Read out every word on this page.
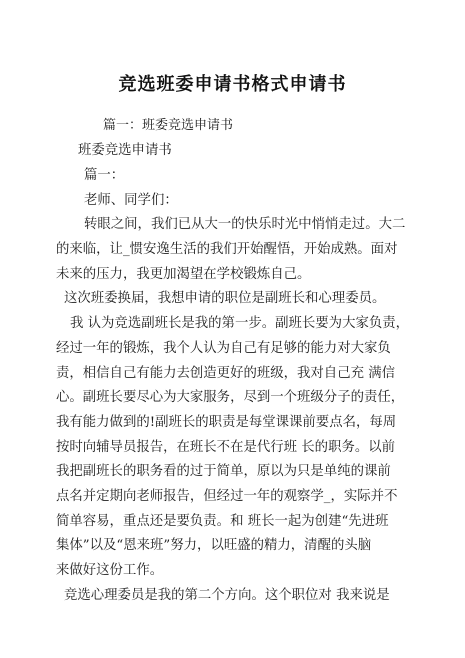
竞选班委申请书格式申请书
篇一：班委竞选申请书
班委竞选申请书
篇一：
老师、同学们：
转眼之间，我们已从大一的快乐时光中悄悄走过。大二
的来临，让_惯安逸生活的我们开始醒悟，开始成熟。面对
未来的压力，我更加渴望在学校锻炼自己。
这次班委换届，我想申请的职位是副班长和心理委员。
我 认为竞选副班长是我的第一步。副班长要为大家负责，
经过一年的锻炼，我个人认为自己有足够的能力对大家负
责，相信自己有能力去创造更好的班级，我对自己充 满信
心。副班长要尽心为大家服务，尽到一个班级分子的责任，
我有能力做到的!副班长的职责是每堂课课前要点名，每周
按时向辅导员报告，在班长不在是代行班 长的职务。以前
我把副班长的职务看的过于简单，原以为只是单纯的课前
点名并定期向老师报告，但经过一年的观察学_，实际并不
简单容易，重点还是要负责。和 班长一起为创建“先进班
集体”以及“恩来班”努力，以旺盛的精力，清醒的头脑
来做好这份工作。
竞选心理委员是我的第二个方向。这个职位对 我来说是
